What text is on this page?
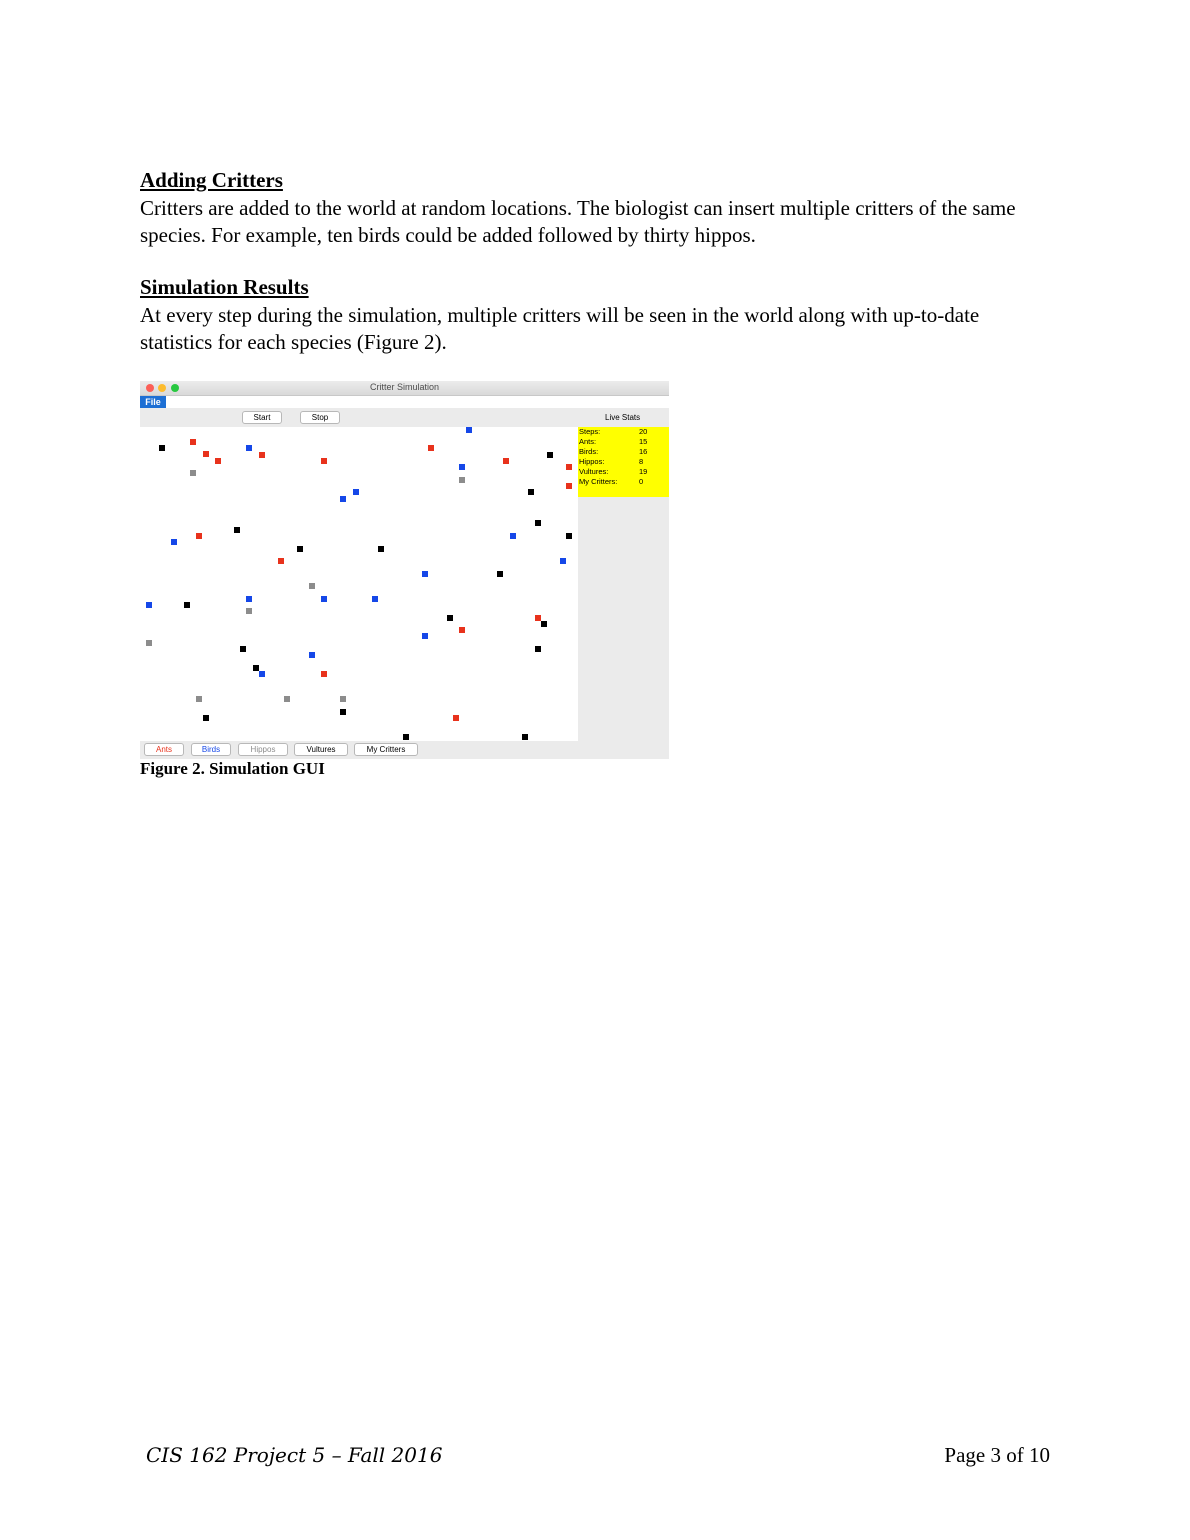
Adding Critters

Critters are added to the world at random locations. The biologist can insert multiple critters of the same species. For example, ten birds could be added followed by thirty hippos.

Simulation Results

At every step during the simulation, multiple critters will be seen in the world along with up-to-date statistics for each species (Figure 2).

Critter Simulation
File
Start	Stop	Live Stats
Steps:	20
Ants:	15
Birds:	16
Hippos:	8
Vultures:	19
My Critters:	0
Ants	Birds	Hippos	Vultures	My Critters

Figure 2. Simulation GUI

CIS 162 Project 5 – Fall 2016	Page 3 of 10
